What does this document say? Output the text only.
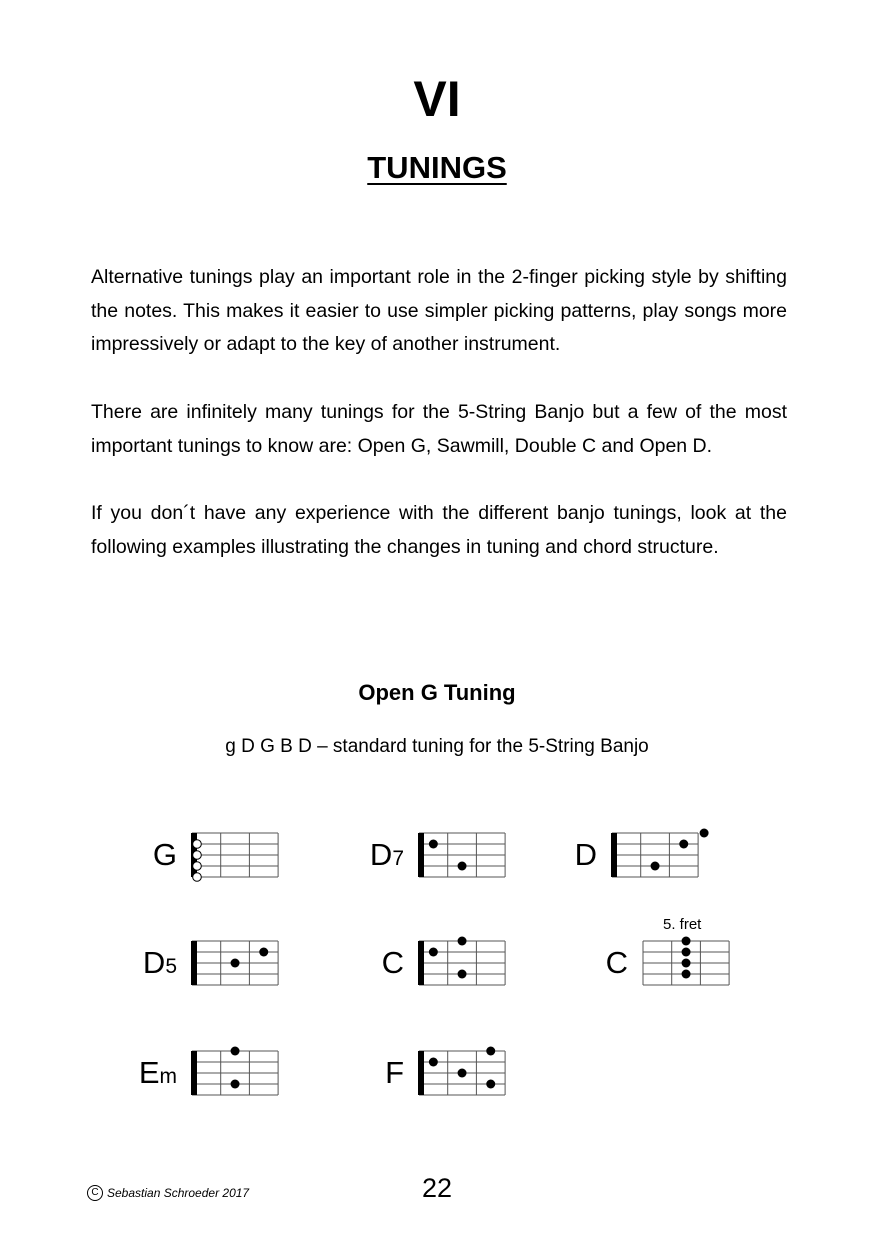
VI
TUNINGS

Alternative tunings play an important role in the 2-finger picking style by shifting the notes. This makes it easier to use simpler picking patterns, play songs more impressively or adapt to the key of another instrument.

There are infinitely many tunings for the 5-String Banjo but a few of the most important tunings to know are: Open G, Sawmill, Double C and Open D.

If you don´t have any experience with the different banjo tunings, look at the following examples illustrating the changes in tuning and chord structure.

Open G Tuning
g D G B D – standard tuning for the 5-String Banjo
G	D7	D
D5	C	C
5. fret
Em	F
C Sebastian Schroeder 2017	22
